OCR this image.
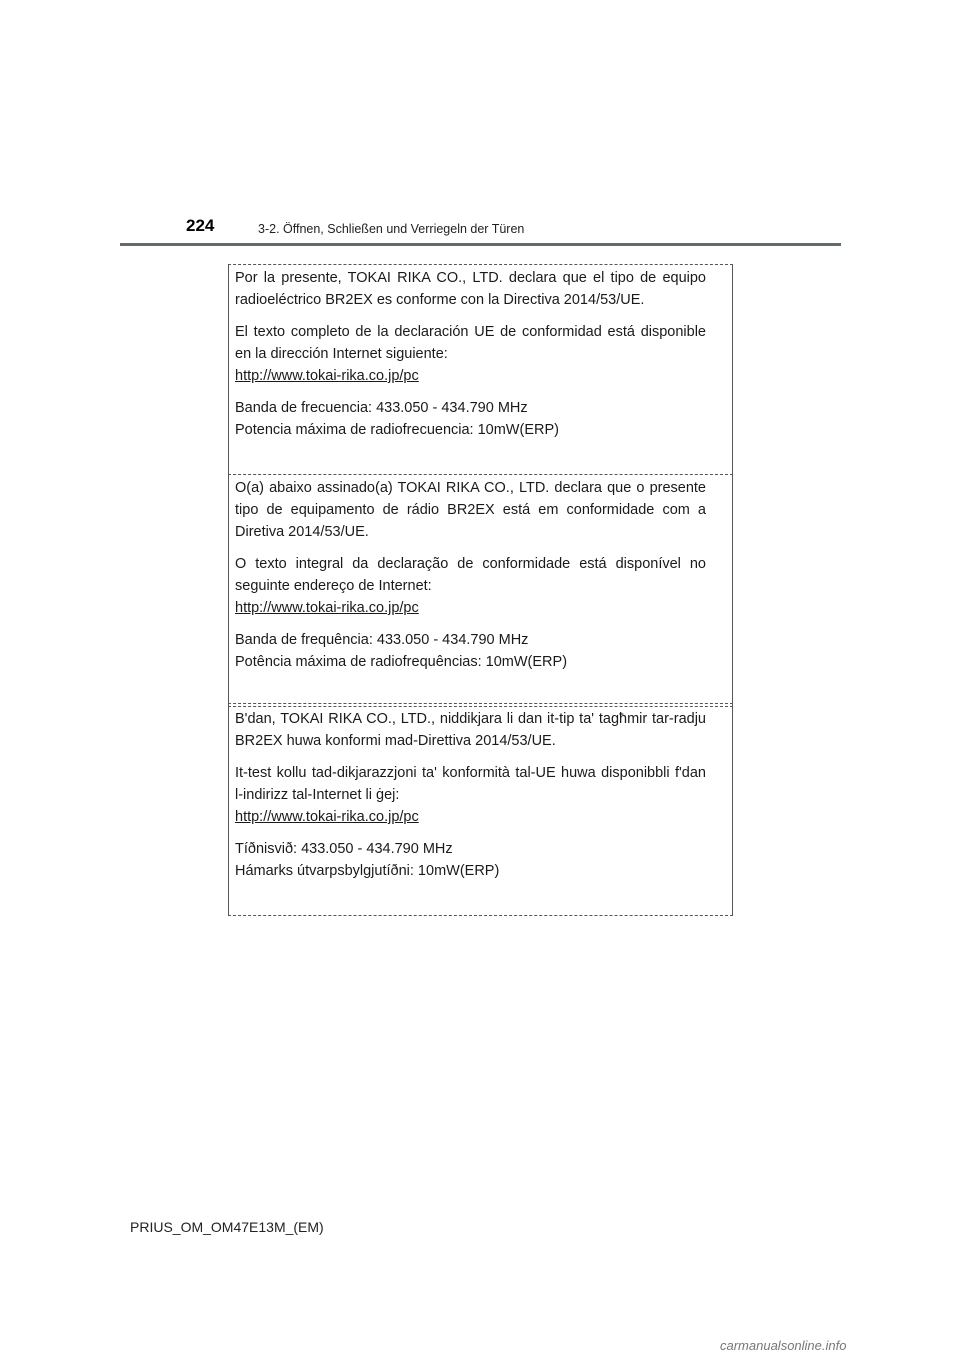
224	3-2. Öffnen, Schließen und Verriegeln der Türen

Por la presente, TOKAI RIKA CO., LTD. declara que el tipo de equipo radioeléctrico BR2EX es conforme con la Directiva 2014/53/UE.

El texto completo de la declaración UE de conformidad está disponible en la dirección Internet siguiente:

http://www.tokai-rika.co.jp/pc

Banda de frecuencia: 433.050 - 434.790 MHz

Potencia máxima de radiofrecuencia: 10mW(ERP)

O(a) abaixo assinado(a) TOKAI RIKA CO., LTD. declara que o presente tipo de equipamento de rádio BR2EX está em conformidade com a Diretiva 2014/53/UE.

O texto integral da declaração de conformidade está disponível no seguinte endereço de Internet:

http://www.tokai-rika.co.jp/pc

Banda de frequência: 433.050 - 434.790 MHz

Potência máxima de radiofrequências: 10mW(ERP)

B'dan, TOKAI RIKA CO., LTD., niddikjara li dan it-tip ta' tagħmir tar-radju BR2EX huwa konformi mad-Direttiva 2014/53/UE.

It-test kollu tad-dikjarazzjoni ta' konformità tal-UE huwa disponibbli f'dan l-indirizz tal-Internet li ġej:

http://www.tokai-rika.co.jp/pc

Tíðnisvið: 433.050 - 434.790 MHz

Hámarks útvarpsbylgjutíðni: 10mW(ERP)

PRIUS_OM_OM47E13M_(EM)
carmanualsonline.info
